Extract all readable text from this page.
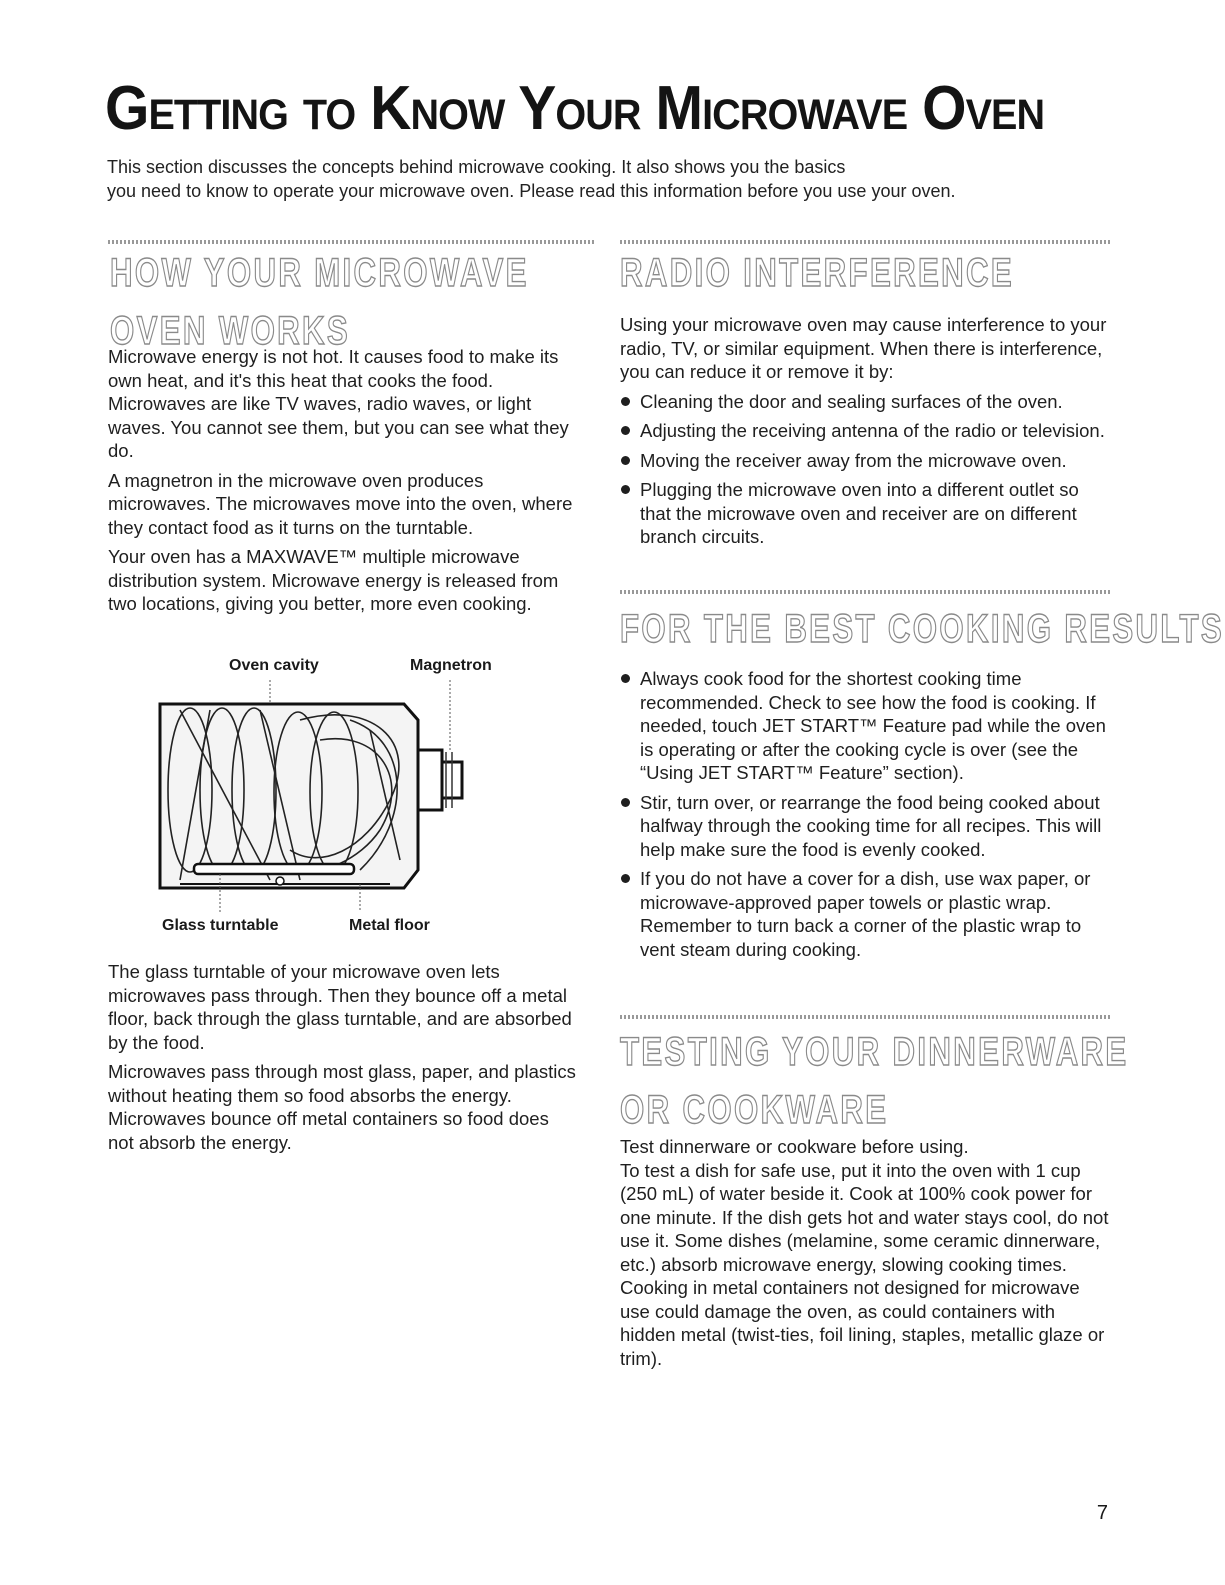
Getting to Know Your Microwave Oven

This section discusses the concepts behind microwave cooking. It also shows you the basics

you need to know to operate your microwave oven. Please read this information before you use your oven.

HOW YOUR MICROWAVE
OVEN WORKS

Microwave energy is not hot. It causes food to make its own heat, and it's this heat that cooks the food. Microwaves are like TV waves, radio waves, or light waves. You cannot see them, but you can see what they do.

A magnetron in the microwave oven produces microwaves. The microwaves move into the oven, where they contact food as it turns on the turntable.

Your oven has a MAXWAVE™ multiple microwave distribution system. Microwave energy is released from two locations, giving you better, more even cooking.

Oven cavity	Magnetron
Glass turntable	Metal floor

The glass turntable of your microwave oven lets microwaves pass through. Then they bounce off a metal floor, back through the glass turntable, and are absorbed by the food.

Microwaves pass through most glass, paper, and plastics without heating them so food absorbs the energy. Microwaves bounce off metal containers so food does not absorb the energy.

RADIO INTERFERENCE

Using your microwave oven may cause interference to your radio, TV, or similar equipment. When there is interference, you can reduce it or remove it by:

Cleaning the door and sealing surfaces of the oven.
Adjusting the receiving antenna of the radio or television.
Moving the receiver away from the microwave oven.
Plugging the microwave oven into a different outlet so that the microwave oven and receiver are on different branch circuits.
FOR THE BEST COOKING RESULTS
Always cook food for the shortest cooking time recommended. Check to see how the food is cooking. If needed, touch JET START™ Feature pad while the oven is operating or after the cooking cycle is over (see the “Using JET START™ Feature” section).
Stir, turn over, or rearrange the food being cooked about halfway through the cooking time for all recipes. This will help make sure the food is evenly cooked.
If you do not have a cover for a dish, use wax paper, or microwave-approved paper towels or plastic wrap. Remember to turn back a corner of the plastic wrap to vent steam during cooking.
TESTING YOUR DINNERWARE
OR COOKWARE

Test dinnerware or cookware before using.

To test a dish for safe use, put it into the oven with 1 cup (250 mL) of water beside it. Cook at 100% cook power for one minute. If the dish gets hot and water stays cool, do not use it. Some dishes (melamine, some ceramic dinnerware, etc.) absorb microwave energy, slowing cooking times. Cooking in metal containers not designed for microwave use could damage the oven, as could containers with hidden metal (twist-ties, foil lining, staples, metallic glaze or trim).

7
